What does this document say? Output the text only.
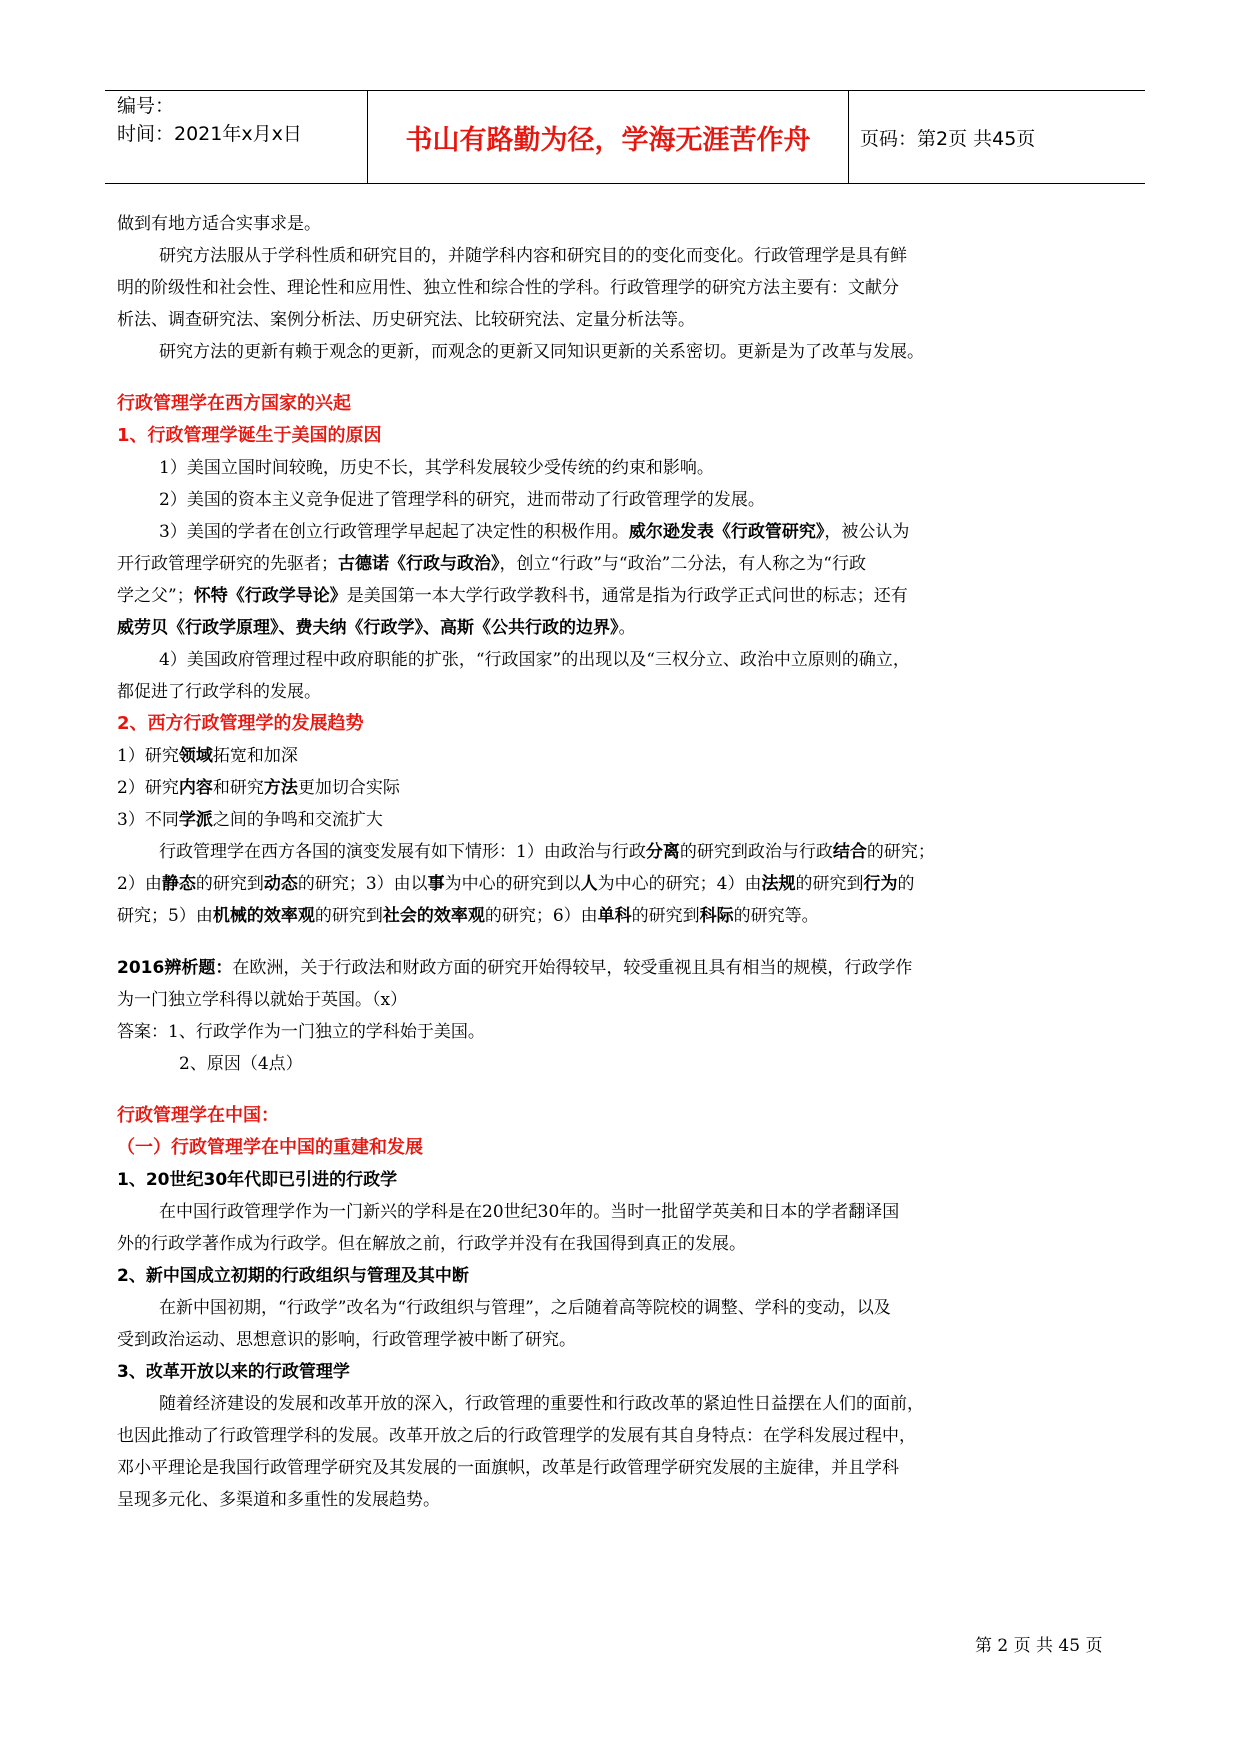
编号：
时间：2021年x月x日	书山有路勤为径，学海无涯苦作舟	页码：第2页 共45页

做到有地方适合实事求是。

研究方法服从于学科性质和研究目的，并随学科内容和研究目的的变化而变化。行政管理学是具有鲜

明的阶级性和社会性、理论性和应用性、独立性和综合性的学科。行政管理学的研究方法主要有：文献分

析法、调查研究法、案例分析法、历史研究法、比较研究法、定量分析法等。

研究方法的更新有赖于观念的更新，而观念的更新又同知识更新的关系密切。更新是为了改革与发展。

行政管理学在西方国家的兴起

1、行政管理学诞生于美国的原因

1）美国立国时间较晚，历史不长，其学科发展较少受传统的约束和影响。

2）美国的资本主义竞争促进了管理学科的研究，进而带动了行政管理学的发展。

3）美国的学者在创立行政管理学早起起了决定性的积极作用。威尔逊发表《行政管研究》，被公认为

开行政管理学研究的先驱者；古德诺《行政与政治》，创立“行政”与“政治”二分法，有人称之为“行政

学之父”；怀特《行政学导论》是美国第一本大学行政学教科书，通常是指为行政学正式问世的标志；还有

威劳贝《行政学原理》、费夫纳《行政学》、高斯《公共行政的边界》。

4）美国政府管理过程中政府职能的扩张，“行政国家”的出现以及“三权分立、政治中立原则的确立，

都促进了行政学科的发展。

2、西方行政管理学的发展趋势

1）研究领域拓宽和加深

2）研究内容和研究方法更加切合实际

3）不同学派之间的争鸣和交流扩大

行政管理学在西方各国的演变发展有如下情形：1）由政治与行政分离的研究到政治与行政结合的研究；

2）由静态的研究到动态的研究；3）由以事为中心的研究到以人为中心的研究；4）由法规的研究到行为的

研究；5）由机械的效率观的研究到社会的效率观的研究；6）由单科的研究到科际的研究等。

2016辨析题：在欧洲，关于行政法和财政方面的研究开始得较早，较受重视且具有相当的规模，行政学作

为一门独立学科得以就始于英国。（x）

答案：1、行政学作为一门独立的学科始于美国。

2、原因（4点）

行政管理学在中国：

（一）行政管理学在中国的重建和发展

1、20世纪30年代即已引进的行政学

在中国行政管理学作为一门新兴的学科是在20世纪30年的。当时一批留学英美和日本的学者翻译国

外的行政学著作成为行政学。但在解放之前，行政学并没有在我国得到真正的发展。

2、新中国成立初期的行政组织与管理及其中断

在新中国初期，“行政学”改名为“行政组织与管理”，之后随着高等院校的调整、学科的变动，以及

受到政治运动、思想意识的影响，行政管理学被中断了研究。

3、改革开放以来的行政管理学

随着经济建设的发展和改革开放的深入，行政管理的重要性和行政改革的紧迫性日益摆在人们的面前，

也因此推动了行政管理学科的发展。改革开放之后的行政管理学的发展有其自身特点：在学科发展过程中，

邓小平理论是我国行政管理学研究及其发展的一面旗帜，改革是行政管理学研究发展的主旋律，并且学科

呈现多元化、多渠道和多重性的发展趋势。

第 2 页 共 45 页
